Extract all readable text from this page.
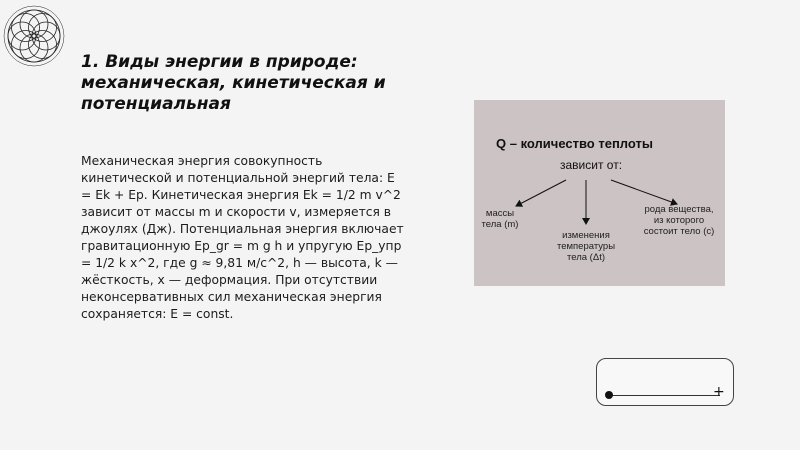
1. Виды энергии в природе:
механическая, кинетическая и
потенциальная
Механическая энергия совокупность
кинетической и потенциальной энергий тела: E
= Ek + Ep. Кинетическая энергия Ek = 1/2 m v^2
зависит от массы m и скорости v, измеряется в
джоулях (Дж). Потенциальная энергия включает
гравитационную Ep_gr = m g h и упругую Ep_упр
= 1/2 k x^2, где g ≈ 9,81 м/с^2, h — высота, k —
жёсткость, x — деформация. При отсутствии
неконсервативных сил механическая энергия
сохраняется: E = const.
Q – количество теплоты
зависит от:
массы
тела (m)
изменения
температуры
тела (Δt)
рода вещества,
из которого
состоит тело (c)
+
